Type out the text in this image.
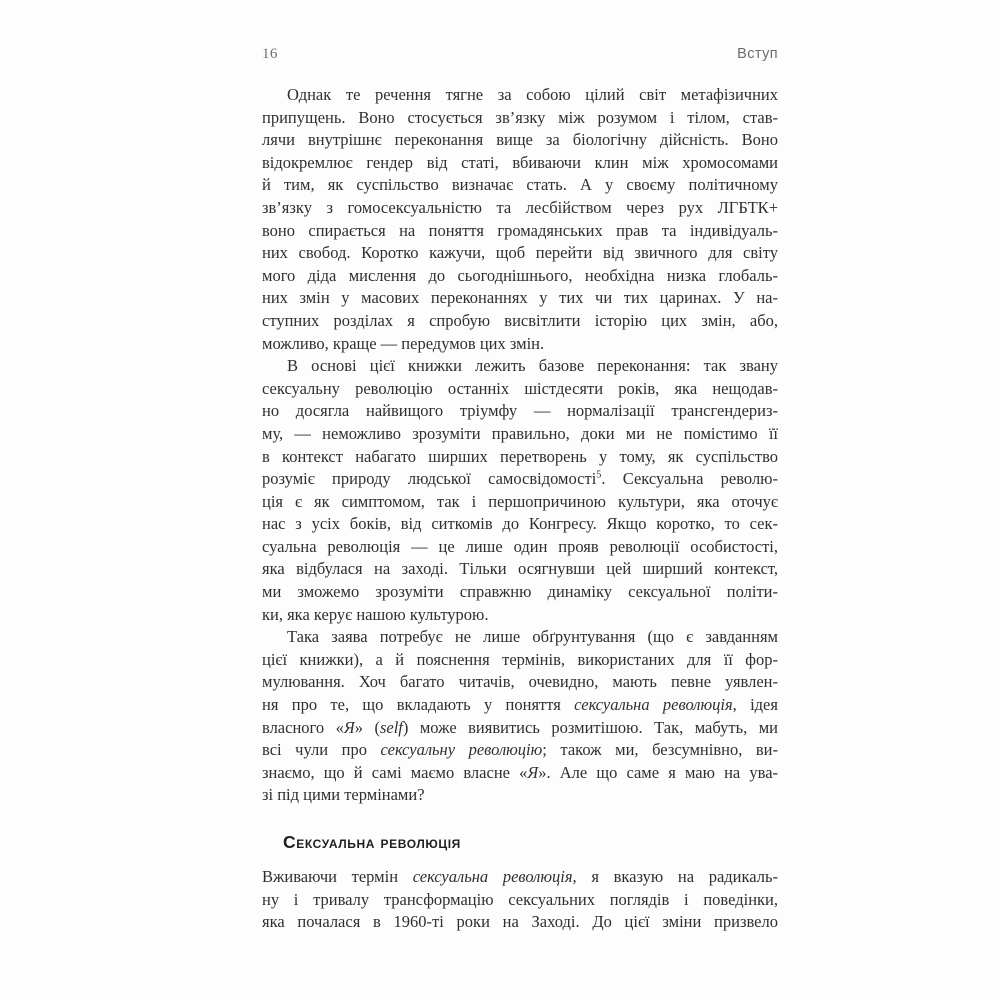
16	Вступ
Однак те речення тягне за собою цілий світ метафізичних
припущень. Воно стосується зв’язку між розумом і тілом, став-
лячи внутрішнє переконання вище за біологічну дійсність. Воно
відокремлює гендер від статі, вбиваючи клин між хромосомами
й тим, як суспільство визначає стать. А у своєму політичному
зв’язку з гомосексуальністю та лесбійством через рух ЛГБТК+
воно спирається на поняття громадянських прав та індивідуаль-
них свобод. Коротко кажучи, щоб перейти від звичного для світу
мого діда мислення до сьогоднішнього, необхідна низка глобаль-
них змін у масових переконаннях у тих чи тих царинах. У на-
ступних розділах я спробую висвітлити історію цих змін, або,
можливо, краще — передумов цих змін.
В основі цієї книжки лежить базове переконання: так звану
сексуальну революцію останніх шістдесяти років, яка нещодав-
но досягла найвищого тріумфу — нормалізації трансгендериз-
му, — неможливо зрозуміти правильно, доки ми не помістимо її
в контекст набагато ширших перетворень у тому, як суспільство
розуміє природу людської самосвідомості$^5$. Сексуальна револю-
ція є як симптомом, так і першопричиною культури, яка оточує
нас з усіх боків, від ситкомів до Конгресу. Якщо коротко, то сек-
суальна революція — це лише один прояв революції особистості,
яка відбулася на заході. Тільки осягнувши цей ширший контекст,
ми зможемо зрозуміти справжню динаміку сексуальної політи-
ки, яка керує нашою культурою.
Така заява потребує не лише обґрунтування (що є завданням
цієї книжки), а й пояснення термінів, використаних для її фор-
мулювання. Хоч багато читачів, очевидно, мають певне уявлен-
ня про те, що вкладають у поняття сексуальна революція, ідея
власного «Я» (self) може виявитись розмитішою. Так, мабуть, ми
всі чули про сексуальну революцію; також ми, безсумнівно, ви-
знаємо, що й самі маємо власне «Я». Але що саме я маю на ува-
зі під цими термінами?
Сексуальна революція
Вживаючи термін сексуальна революція, я вказую на радикаль-
ну і тривалу трансформацію сексуальних поглядів і поведінки,
яка почалася в 1960-ті роки на Заході. До цієї зміни призвело
